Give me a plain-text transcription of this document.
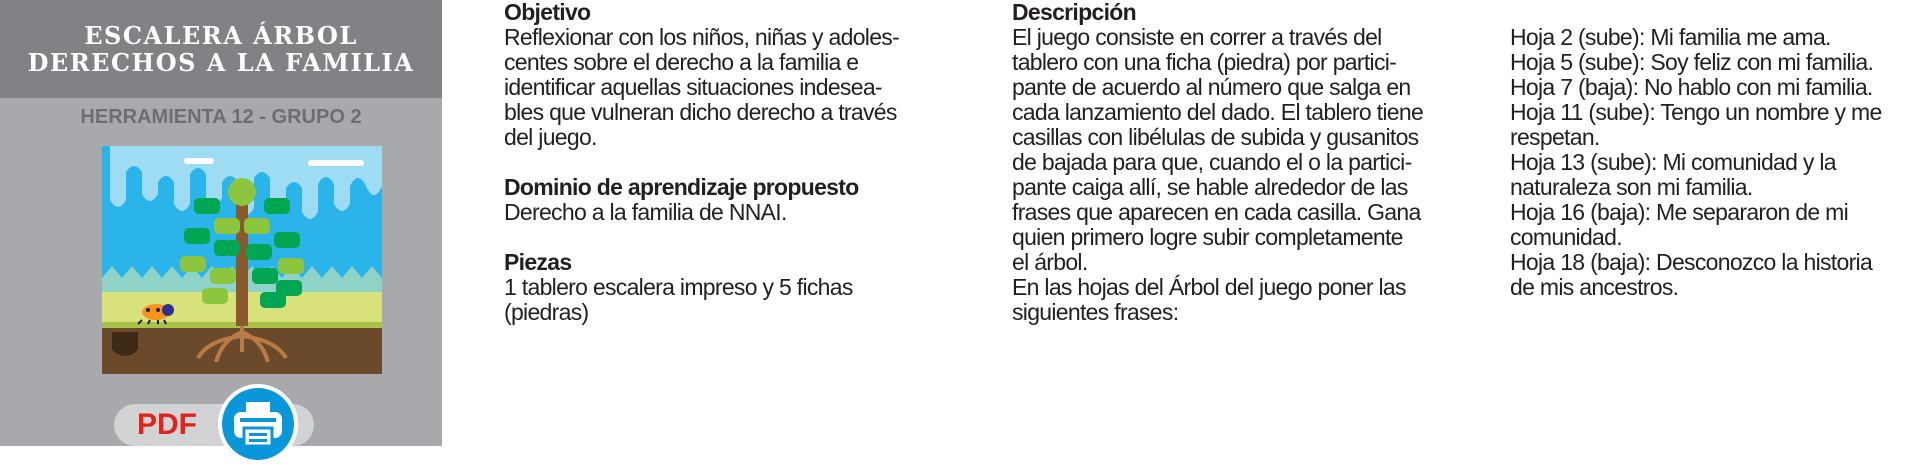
ESCALERA ÁRBOL
DERECHOS A LA FAMILIA
HERRAMIENTA 12 - GRUPO 2
PDF

Objetivo

Reflexionar con los niños, niñas y adoles-

centes sobre el derecho a la familia e

identificar aquellas situaciones indesea-

bles que vulneran dicho derecho a través

del juego.

Dominio de aprendizaje propuesto

Derecho a la familia de NNAI.

Piezas

1 tablero escalera impreso y 5 fichas

(piedras)

Descripción

El juego consiste en correr a través del

tablero con una ficha (piedra) por partici-

pante de acuerdo al número que salga en

cada lanzamiento del dado. El tablero tiene

casillas con libélulas de subida y gusanitos

de bajada para que, cuando el o la partici-

pante caiga allí, se hable alrededor de las

frases que aparecen en cada casilla. Gana

quien primero logre subir completamente

el árbol.

En las hojas del Árbol del juego poner las

siguientes frases:

Hoja 2 (sube): Mi familia me ama.

Hoja 5 (sube): Soy feliz con mi familia.

Hoja 7 (baja): No hablo con mi familia.

Hoja 11 (sube): Tengo un nombre y me

respetan.

Hoja 13 (sube): Mi comunidad y la

naturaleza son mi familia.

Hoja 16 (baja): Me separaron de mi

comunidad.

Hoja 18 (baja): Desconozco la historia

de mis ancestros.
